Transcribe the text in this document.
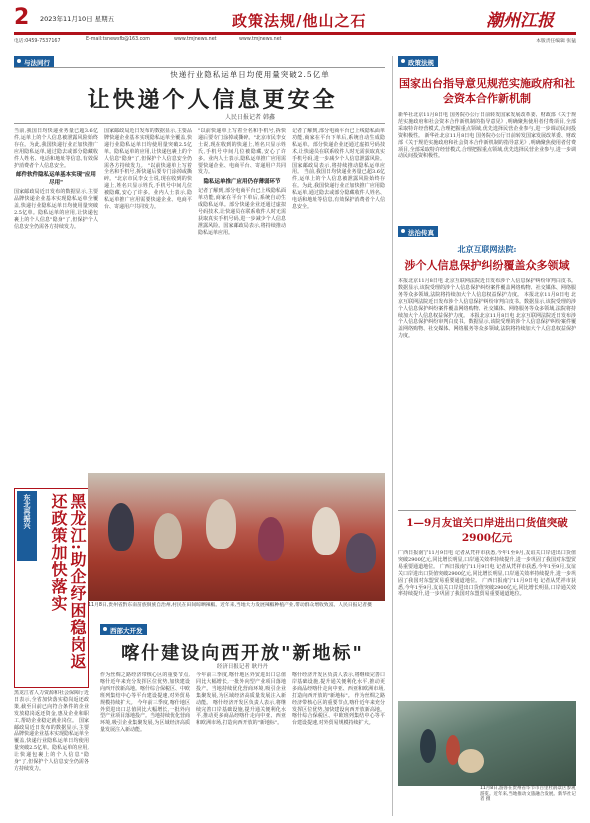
2 2023年11月10日 星期五	政策法规/他山之石	潮州江报
电话:0459-7537167	E-mail:tsnewsfb@163.com	www.tmjnews.net	www.tmjnews.net	本版责任编辑 张猛
与法同行
快递行业隐私运单日均使用量突破2.5亿单
让快递个人信息更安全
人民日报记者 韩鑫
当前,我国日均快递业务量已超3.6亿件,运单上的个人信息被泄露风险始终存在。为此,我国快递行业正加快推广应用隐私运单,通过隐去或部分隐藏收件人姓名、电话和地址等信息,有效保护消费者个人信息安全。
邮件软件隐私运单基本实现"应用尽用"
国家邮政局近日发布的数据显示,主要品牌快递企业基本实现隐私运单全覆盖,快递行业隐私运单日均使用量突破2.5亿单。隐私运单的应用,让快递包裹上的个人信息"隐身"了,但保护个人信息安全仍需各方持续发力。
国家邮政局近日发布的数据显示,主要品牌快递企业基本实现隐私运单全覆盖,快递行业隐私运单日均使用量突破2.5亿单。隐私运单的应用,让快递包裹上的个人信息"隐身"了,但保护个人信息安全仍需各方持续发力。 "以前快递单上写着全名和手机号,拆快递后要专门涂掉或撕碎。"北京市民李女士说,现在收到的快递上,姓名只显示姓氏,手机号中间几位被隐藏,安心了许多。业内人士表示,隐私运单推广应用需要快递企业、电商平台、寄递用户共同发力。
"以前快递单上写着全名和手机号,拆快递后要专门涂掉或撕碎。"北京市民李女士说,现在收到的快递上,姓名只显示姓氏,手机号中间几位被隐藏,安心了许多。业内人士表示,隐私运单推广应用需要快递企业、电商平台、寄递用户共同发力。
隐私运单推广应用仍存薄弱环节
记者了解到,部分电商平台已上线隐私面单功能,商家在平台下单后,系统自动生成隐私运单。部分快递企业还通过虚拟号码技术,让快递员在联系收件人时无需获取真实手机号码,进一步减少个人信息泄露风险。国家邮政局表示,将持续推动隐私运单应用。
记者了解到,部分电商平台已上线隐私面单功能,商家在平台下单后,系统自动生成隐私运单。部分快递企业还通过虚拟号码技术,让快递员在联系收件人时无需获取真实手机号码,进一步减少个人信息泄露风险。国家邮政局表示,将持续推动隐私运单应用。 当前,我国日均快递业务量已超3.6亿件,运单上的个人信息被泄露风险始终存在。为此,我国快递行业正加快推广应用隐私运单,通过隐去或部分隐藏收件人姓名、电话和地址等信息,有效保护消费者个人信息安全。
东北再振兴	黑龙江:助企纾困稳岗返还政策加快落实
黑龙江省人力资源和社会保障厅近日表示,全省加快落实稳岗返还政策,截至目前已向符合条件的企业发放稳岗返还资金,惠及企业和职工,帮助企业稳定就业岗位。 国家邮政局近日发布的数据显示,主要品牌快递企业基本实现隐私运单全覆盖,快递行业隐私运单日均使用量突破2.5亿单。隐私运单的应用,让快递包裹上的个人信息"隐身"了,但保护个人信息安全仍需各方持续发力。
11月8日,贵州省黔东南苗族侗族自治州,村民在田间晾晒辣椒。近年来,当地大力发展辣椒种植产业,带动群众增收致富。人民日报记者摄
西部大开发
喀什建设向西开放"新地标"
经济日报记者 耿丹丹
作为丝绸之路经济带核心区的重要节点,喀什近年来充分发挥区位优势,加快建设向西开放新高地。喀什综合保税区、中欧班列集结中心等平台建设提速,对外贸易规模持续扩大。 今年前三季度,喀什地区外贸进出口总值同比大幅增长,一批外向型产业项目落地投产。当地持续优化营商环境,吸引企业集聚发展,为区域经济高质量发展注入新动能。
今年前三季度,喀什地区外贸进出口总值同比大幅增长,一批外向型产业项目落地投产。当地持续优化营商环境,吸引企业集聚发展,为区域经济高质量发展注入新动能。 喀什经济开发区负责人表示,将继续完善口岸基础设施,提升通关便利化水平,推动更多商品经喀什走向中亚、西亚和欧洲市场,打造向西开放的"新地标"。
喀什经济开发区负责人表示,将继续完善口岸基础设施,提升通关便利化水平,推动更多商品经喀什走向中亚、西亚和欧洲市场,打造向西开放的"新地标"。 作为丝绸之路经济带核心区的重要节点,喀什近年来充分发挥区位优势,加快建设向西开放新高地。喀什综合保税区、中欧班列集结中心等平台建设提速,对外贸易规模持续扩大。
政策法规
国家出台指导意见规范实施政府和社会资本合作新机制
新华社北京11月8日电 国务院办公厅日前转发国家发展改革委、财政部《关于规范实施政府和社会资本合作新机制的指导意见》,明确聚焦使用者付费项目,全部采取特许经营模式,合理把握重点领域,优先选择民营企业参与,进一步调动民间投资积极性。 新华社北京11月8日电 国务院办公厅日前转发国家发展改革委、财政部《关于规范实施政府和社会资本合作新机制的指导意见》,明确聚焦使用者付费项目,全部采取特许经营模式,合理把握重点领域,优先选择民营企业参与,进一步调动民间投资积极性。
法治传真
北京互联网法院:
涉个人信息保护纠纷覆盖众多领域
本报北京11月8日电 北京互联网法院近日发布涉个人信息保护纠纷审判白皮书。数据显示,该院受理的涉个人信息保护纠纷案件覆盖网络购物、社交媒体、网络服务等众多领域,法院将持续加大个人信息权益保护力度。 本报北京11月8日电 北京互联网法院近日发布涉个人信息保护纠纷审判白皮书。数据显示,该院受理的涉个人信息保护纠纷案件覆盖网络购物、社交媒体、网络服务等众多领域,法院将持续加大个人信息权益保护力度。 本报北京11月8日电 北京互联网法院近日发布涉个人信息保护纠纷审判白皮书。数据显示,该院受理的涉个人信息保护纠纷案件覆盖网络购物、社交媒体、网络服务等众多领域,法院将持续加大个人信息权益保护力度。
1—9月友谊关口岸进出口货值突破2900亿元
广西日报南宁11月9日电 记者从凭祥市获悉,今年1至9月,友谊关口岸进出口货值突破2900亿元,同比增长明显,口岸通关效率持续提升,进一步巩固了我国对东盟贸易重要通道地位。 广西日报南宁11月9日电 记者从凭祥市获悉,今年1至9月,友谊关口岸进出口货值突破2900亿元,同比增长明显,口岸通关效率持续提升,进一步巩固了我国对东盟贸易重要通道地位。 广西日报南宁11月9日电 记者从凭祥市获悉,今年1至9月,友谊关口岸进出口货值突破2900亿元,同比增长明显,口岸通关效率持续提升,进一步巩固了我国对东盟贸易重要通道地位。
11月8日,游客在贵州省毕节市百里杜鹃景区参观游览。近年来,当地推动文旅融合发展。新华社记者 摄
